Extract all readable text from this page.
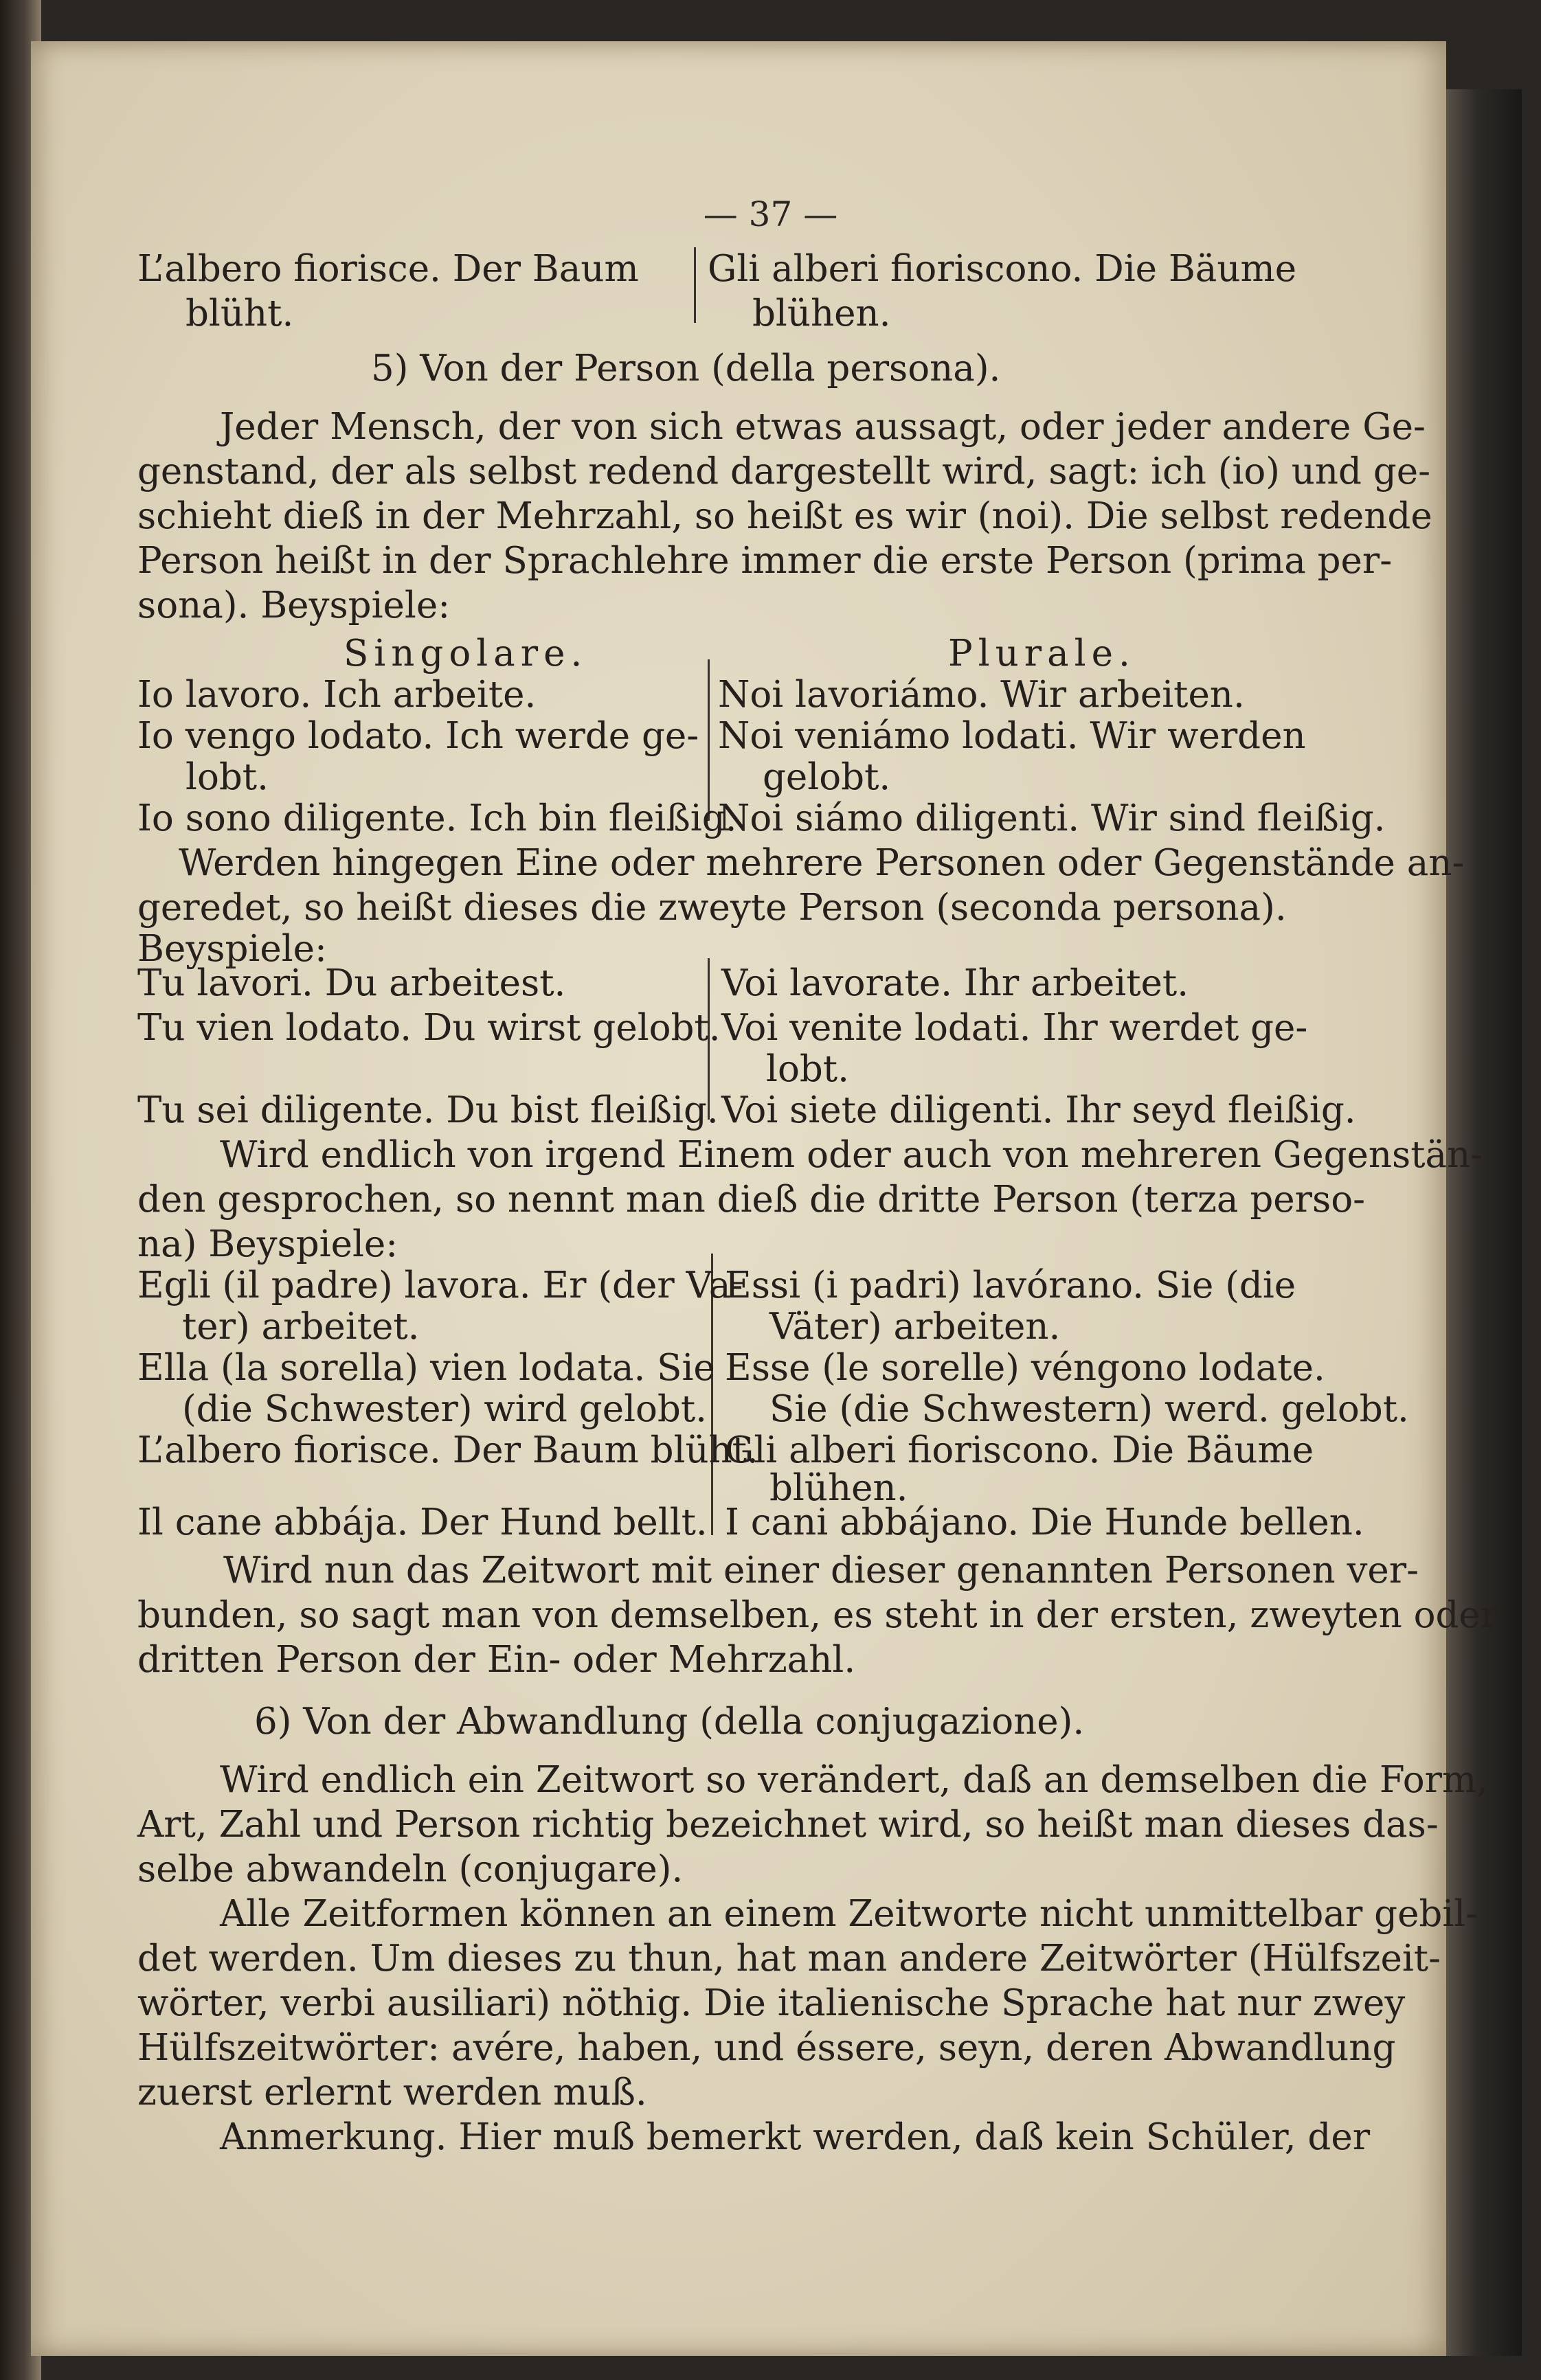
— 37 —
L’albero fiorisce. Der Baum
blüht.
Gli alberi fioriscono. Die Bäume
blühen.
5) Von der Person (della persona).
Jeder Mensch, der von sich etwas aussagt, oder jeder andere Ge-
genstand, der als selbst redend dargestellt wird, sagt: ich (io) und ge-
schieht dieß in der Mehrzahl, so heißt es wir (noi). Die selbst redende
Person heißt in der Sprachlehre immer die erste Person (prima per-
sona). Beyspiele:
Singolare.	Plurale.
Io lavoro. Ich arbeite.
Io vengo lodato. Ich werde ge-
lobt.
Io sono diligente. Ich bin fleißig.
Noi lavoriámo. Wir arbeiten.
Noi veniámo lodati. Wir werden
gelobt.
Noi siámo diligenti. Wir sind fleißig.
Werden hingegen Eine oder mehrere Personen oder Gegenstände an-
geredet, so heißt dieses die zweyte Person (seconda persona).
Beyspiele:
Tu lavori. Du arbeitest.
Tu vien lodato. Du wirst gelobt.
Tu sei diligente. Du bist fleißig.
Voi lavorate. Ihr arbeitet.
Voi venite lodati. Ihr werdet ge-
lobt.
Voi siete diligenti. Ihr seyd fleißig.
Wird endlich von irgend Einem oder auch von mehreren Gegenstän-
den gesprochen, so nennt man dieß die dritte Person (terza perso-
na) Beyspiele:
Egli (il padre) lavora. Er (der Va-
ter) arbeitet.
Ella (la sorella) vien lodata. Sie
(die Schwester) wird gelobt.
L’albero fiorisce. Der Baum blüht.
Il cane abbája. Der Hund bellt.
Essi (i padri) lavórano. Sie (die
Väter) arbeiten.
Esse (le sorelle) véngono lodate.
Sie (die Schwestern) werd. gelobt.
Gli alberi fioriscono. Die Bäume
blühen.
I cani abbájano. Die Hunde bellen.
Wird nun das Zeitwort mit einer dieser genannten Personen ver-
bunden, so sagt man von demselben, es steht in der ersten, zweyten oder
dritten Person der Ein- oder Mehrzahl.
6) Von der Abwandlung (della conjugazione).
Wird endlich ein Zeitwort so verändert, daß an demselben die Form,
Art, Zahl und Person richtig bezeichnet wird, so heißt man dieses das-
selbe abwandeln (conjugare).
Alle Zeitformen können an einem Zeitworte nicht unmittelbar gebil-
det werden. Um dieses zu thun, hat man andere Zeitwörter (Hülfszeit-
wörter, verbi ausiliari) nöthig. Die italienische Sprache hat nur zwey
Hülfszeitwörter: avére, haben, und éssere, seyn, deren Abwandlung
zuerst erlernt werden muß.
Anmerkung. Hier muß bemerkt werden, daß kein Schüler, der
